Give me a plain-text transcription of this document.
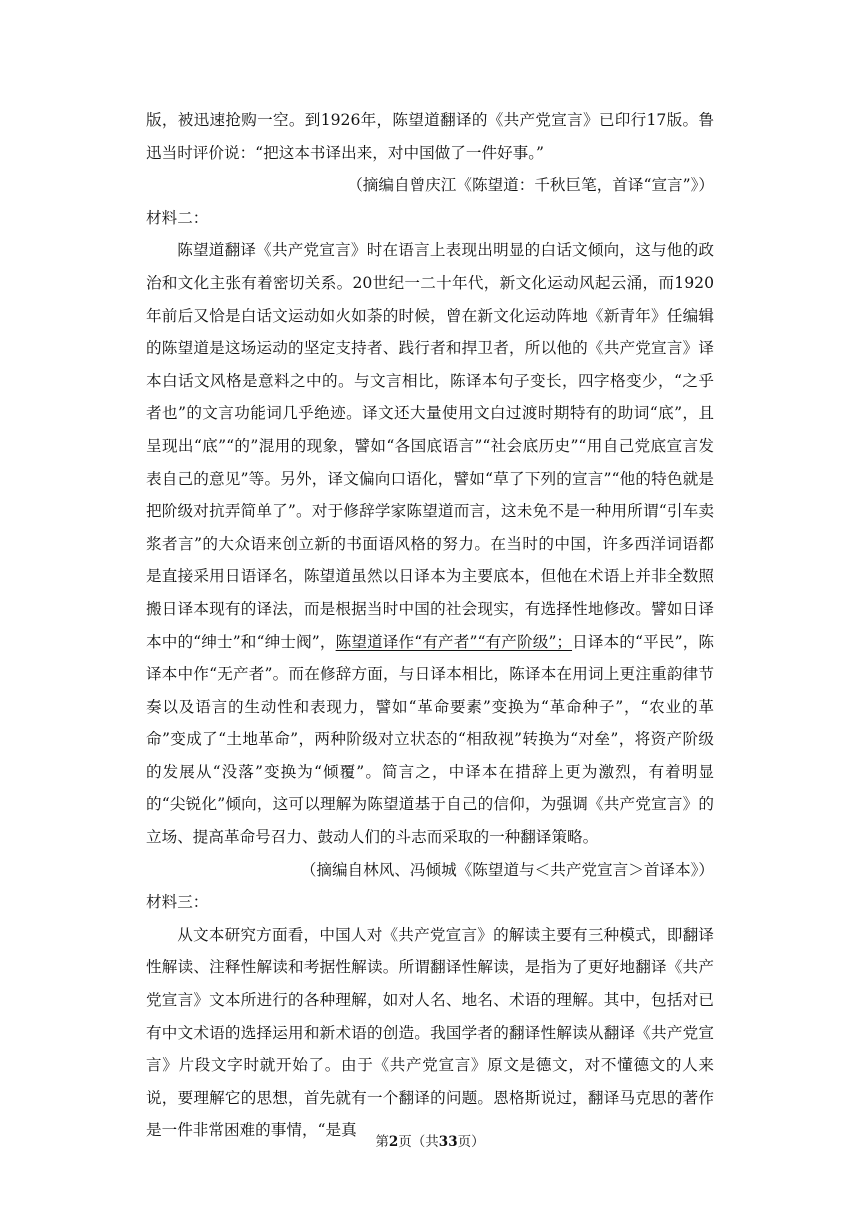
版，被迅速抢购一空。到1926年，陈望道翻译的《共产党宣言》已印行17版。鲁迅当时评价说：“把这本书译出来，对中国做了一件好事。”

（摘编自曾庆江《陈望道：千秋巨笔，首译“宣言”》）

材料二：

陈望道翻译《共产党宣言》时在语言上表现出明显的白话文倾向，这与他的政治和文化主张有着密切关系。20世纪一二十年代，新文化运动风起云涌，而1920年前后又恰是白话文运动如火如荼的时候，曾在新文化运动阵地《新青年》任编辑的陈望道是这场运动的坚定支持者、践行者和捍卫者，所以他的《共产党宣言》译本白话文风格是意料之中的。与文言相比，陈译本句子变长，四字格变少，“之乎者也”的文言功能词几乎绝迹。译文还大量使用文白过渡时期特有的助词“底”，且呈现出“底”“的”混用的现象，譬如“各国底语言”“社会底历史”“用自己党底宣言发表自己的意见”等。另外，译文偏向口语化，譬如“草了下列的宣言”“他的特色就是把阶级对抗弄简单了”。对于修辞学家陈望道而言，这未免不是一种用所谓“引车卖浆者言”的大众语来创立新的书面语风格的努力。在当时的中国，许多西洋词语都是直接采用日语译名，陈望道虽然以日译本为主要底本，但他在术语上并非全数照搬日译本现有的译法，而是根据当时中国的社会现实，有选择性地修改。譬如日译本中的“绅士”和“绅士阀”，陈望道译作“有产者”“有产阶级”；日译本的“平民”，陈译本中作“无产者”。而在修辞方面，与日译本相比，陈译本在用词上更注重韵律节奏以及语言的生动性和表现力，譬如“革命要素”变换为“革命种子”，“农业的革命”变成了“土地革命”，两种阶级对立状态的“相敌视”转换为“对垒”，将资产阶级的发展从“没落”变换为“倾覆”。简言之，中译本在措辞上更为激烈，有着明显的“尖锐化”倾向，这可以理解为陈望道基于自己的信仰，为强调《共产党宣言》的立场、提高革命号召力、鼓动人们的斗志而采取的一种翻译策略。

（摘编自林风、冯倾城《陈望道与＜共产党宣言＞首译本》）

材料三：

从文本研究方面看，中国人对《共产党宣言》的解读主要有三种模式，即翻译性解读、注释性解读和考据性解读。所谓翻译性解读，是指为了更好地翻译《共产党宣言》文本所进行的各种理解，如对人名、地名、术语的理解。其中，包括对已有中文术语的选择运用和新术语的创造。我国学者的翻译性解读从翻译《共产党宣言》片段文字时就开始了。由于《共产党宣言》原文是德文，对不懂德文的人来说，要理解它的思想，首先就有一个翻译的问题。恩格斯说过，翻译马克思的著作是一件非常困难的事情，“是真

第2页（共33页）
